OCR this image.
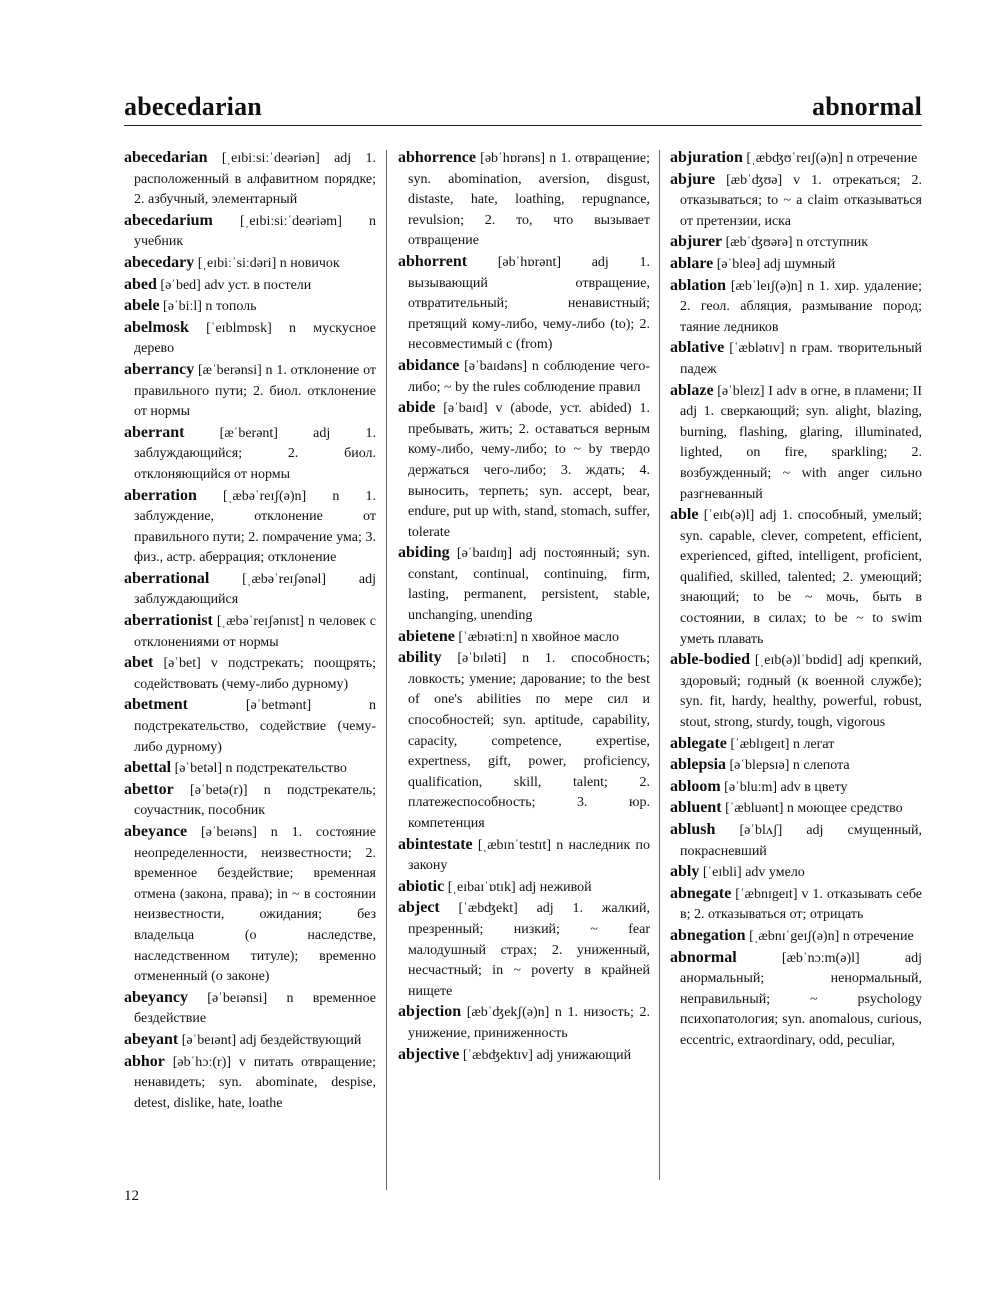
abecedarian	abnormal
abecedarian [ˌeɪbiːsiːˈdeəriən] adj 1. расположенный в алфавитном порядке; 2. азбучный, элементарный
abecedarium [ˌeɪbiːsiːˈdeəriəm] n учебник
abecedary [ˌeɪbiːˈsiːdəri] n новичок
abed [əˈbed] adv уст. в постели
abele [əˈbiːl] n тополь
abelmosk [ˈeɪblmɒsk] n мускусное дерево
aberrancy [æˈberənsi] n 1. отклонение от правильного пути; 2. биол. отклонение от нормы
aberrant	[æˈberənt] adj 1. заблуждающийся; 2. биол. отклоняющийся от нормы
aberration [ˌæbəˈreɪʃ(ə)n] n 1. заблуждение, отклонение от правильного пути; 2. помрачение ума; 3. физ., астр. аберрация; отклонение
aberrational [ˌæbəˈreɪʃənəl] adj заблуждающийся
aberrationist [ˌæbəˈreɪʃənɪst] n человек с отклонениями от нормы
abet [əˈbet] v подстрекать; поощрять; содействовать (чему-либо дурному)
abetment	[əˈbetmənt] n подстрекательство, содействие (чему-либо дурному)
abettal [əˈbetəl] n подстрекательство
abettor [əˈbetə(r)] n подстрекатель; соучастник, пособник
abeyance [əˈbeɪəns] n 1. состояние неопределенности, неизвестности; 2. временное бездействие; временная отмена (закона, права); in ~ в состоянии неизвестности, ожидания; без владельца (о наследстве, наследственном титуле); временно отмененный (о законе)
abeyancy [əˈbeɪənsi] n временное бездействие
abeyant [əˈbeɪənt] adj бездействующий
abhor [əbˈhɔː(r)] v питать отвращение; ненавидеть; syn. abominate, despise, detest, dislike, hate, loathe
abhorrence [əbˈhɒrəns] n 1. отвращение; syn. abomination, aversion, disgust, distaste, hate, loathing, repugnance, revulsion; 2. то, что вызывает отвращение
abhorrent [əbˈhɒrənt] adj 1. вызывающий отвращение, отвратительный; ненавистный; претящий кому-либо, чему-либо (to); 2. несовместимый с (from)
abidance [əˈbaɪdəns] n соблюдение чего-либо; ~ by the rules соблюдение правил
abide [əˈbaɪd] v (abode, уст. abided) 1. пребывать, жить; 2. оставаться верным кому-либо, чему-либо; to ~ by твердо держаться чего-либо; 3. ждать; 4. выносить, терпеть; syn. accept, bear, endure, put up with, stand, stomach, suffer, tolerate
abiding [əˈbaɪdɪŋ] adj постоянный; syn. constant, continual, continuing, firm, lasting, permanent, persistent, stable, unchanging, unending
abietene [ˈæbɪətiːn] n хвойное масло
ability [əˈbɪləti] n 1. способность; ловкость; умение; дарование; to the best of one's abilities по мере сил и способностей; syn. aptitude, capability, capacity, competence, expertise, expertness, gift, power, proficiency, qualification, skill, talent; 2. платежеспособность; 3. юр. компетенция
abintestate [ˌæbɪnˈtestɪt] n наследник по закону
abiotic [ˌeɪbaɪˈɒtɪk] adj неживой
abject [ˈæbʤekt] adj 1. жалкий, презренный; низкий; ~ fear малодушный страх; 2. униженный, несчастный; in ~ poverty в крайней нищете
abjection [æbˈʤekʃ(ə)n] n 1. низость; 2. унижение, приниженность
abjective [ˈæbʤektɪv] adj унижающий
abjuration [ˌæbʤʊˈreɪʃ(ə)n] n отречение
abjure [æbˈʤʊə] v 1. отрекаться; 2. отказываться; to ~ a claim отказываться от претензии, иска
abjurer [æbˈʤʊərə] n отступник
ablare [əˈbleə] adj шумный
ablation [æbˈleɪʃ(ə)n] n 1. хир. удаление; 2. геол. абляция, размывание пород; таяние ледников
ablative [ˈæblətɪv] n грам. творительный падеж
ablaze [əˈbleɪz] I adv в огне, в пламени; II adj 1. сверкающий; syn. alight, blazing, burning, flashing, glaring, illuminated, lighted, on fire, sparkling; 2. возбужденный; ~ with anger сильно разгневанный
able [ˈeɪb(ə)l] adj 1. способный, умелый; syn. capable, clever, competent, efficient, experienced, gifted, intelligent, proficient, qualified, skilled, talented; 2. умеющий; знающий; to be ~ мочь, быть в состоянии, в силах; to be ~ to swim уметь плавать
able-bodied [ˌeɪb(ə)lˈbɒdid] adj крепкий, здоровый; годный (к военной службе); syn. fit, hardy, healthy, powerful, robust, stout, strong, sturdy, tough, vigorous
ablegate [ˈæblɪgeɪt] n легат
ablepsia [əˈblepsɪə] n слепота
abloom [əˈbluːm] adv в цвету
abluent [ˈæbluənt] n моющее средство
ablush [əˈblʌʃ] adj смущенный, покрасневший
ably [ˈeɪbli] adv умело
abnegate [ˈæbnɪgeɪt] v 1. отказывать себе в; 2. отказываться от; отрицать
abnegation [ˌæbnɪˈgeɪʃ(ə)n] n отречение
abnormal	[æbˈnɔːm(ə)l] adj анормальный; ненормальный, неправильный; ~ psychology психопатология; syn. anomalous, curious, eccentric, extraordinary, odd, peculiar,
12
